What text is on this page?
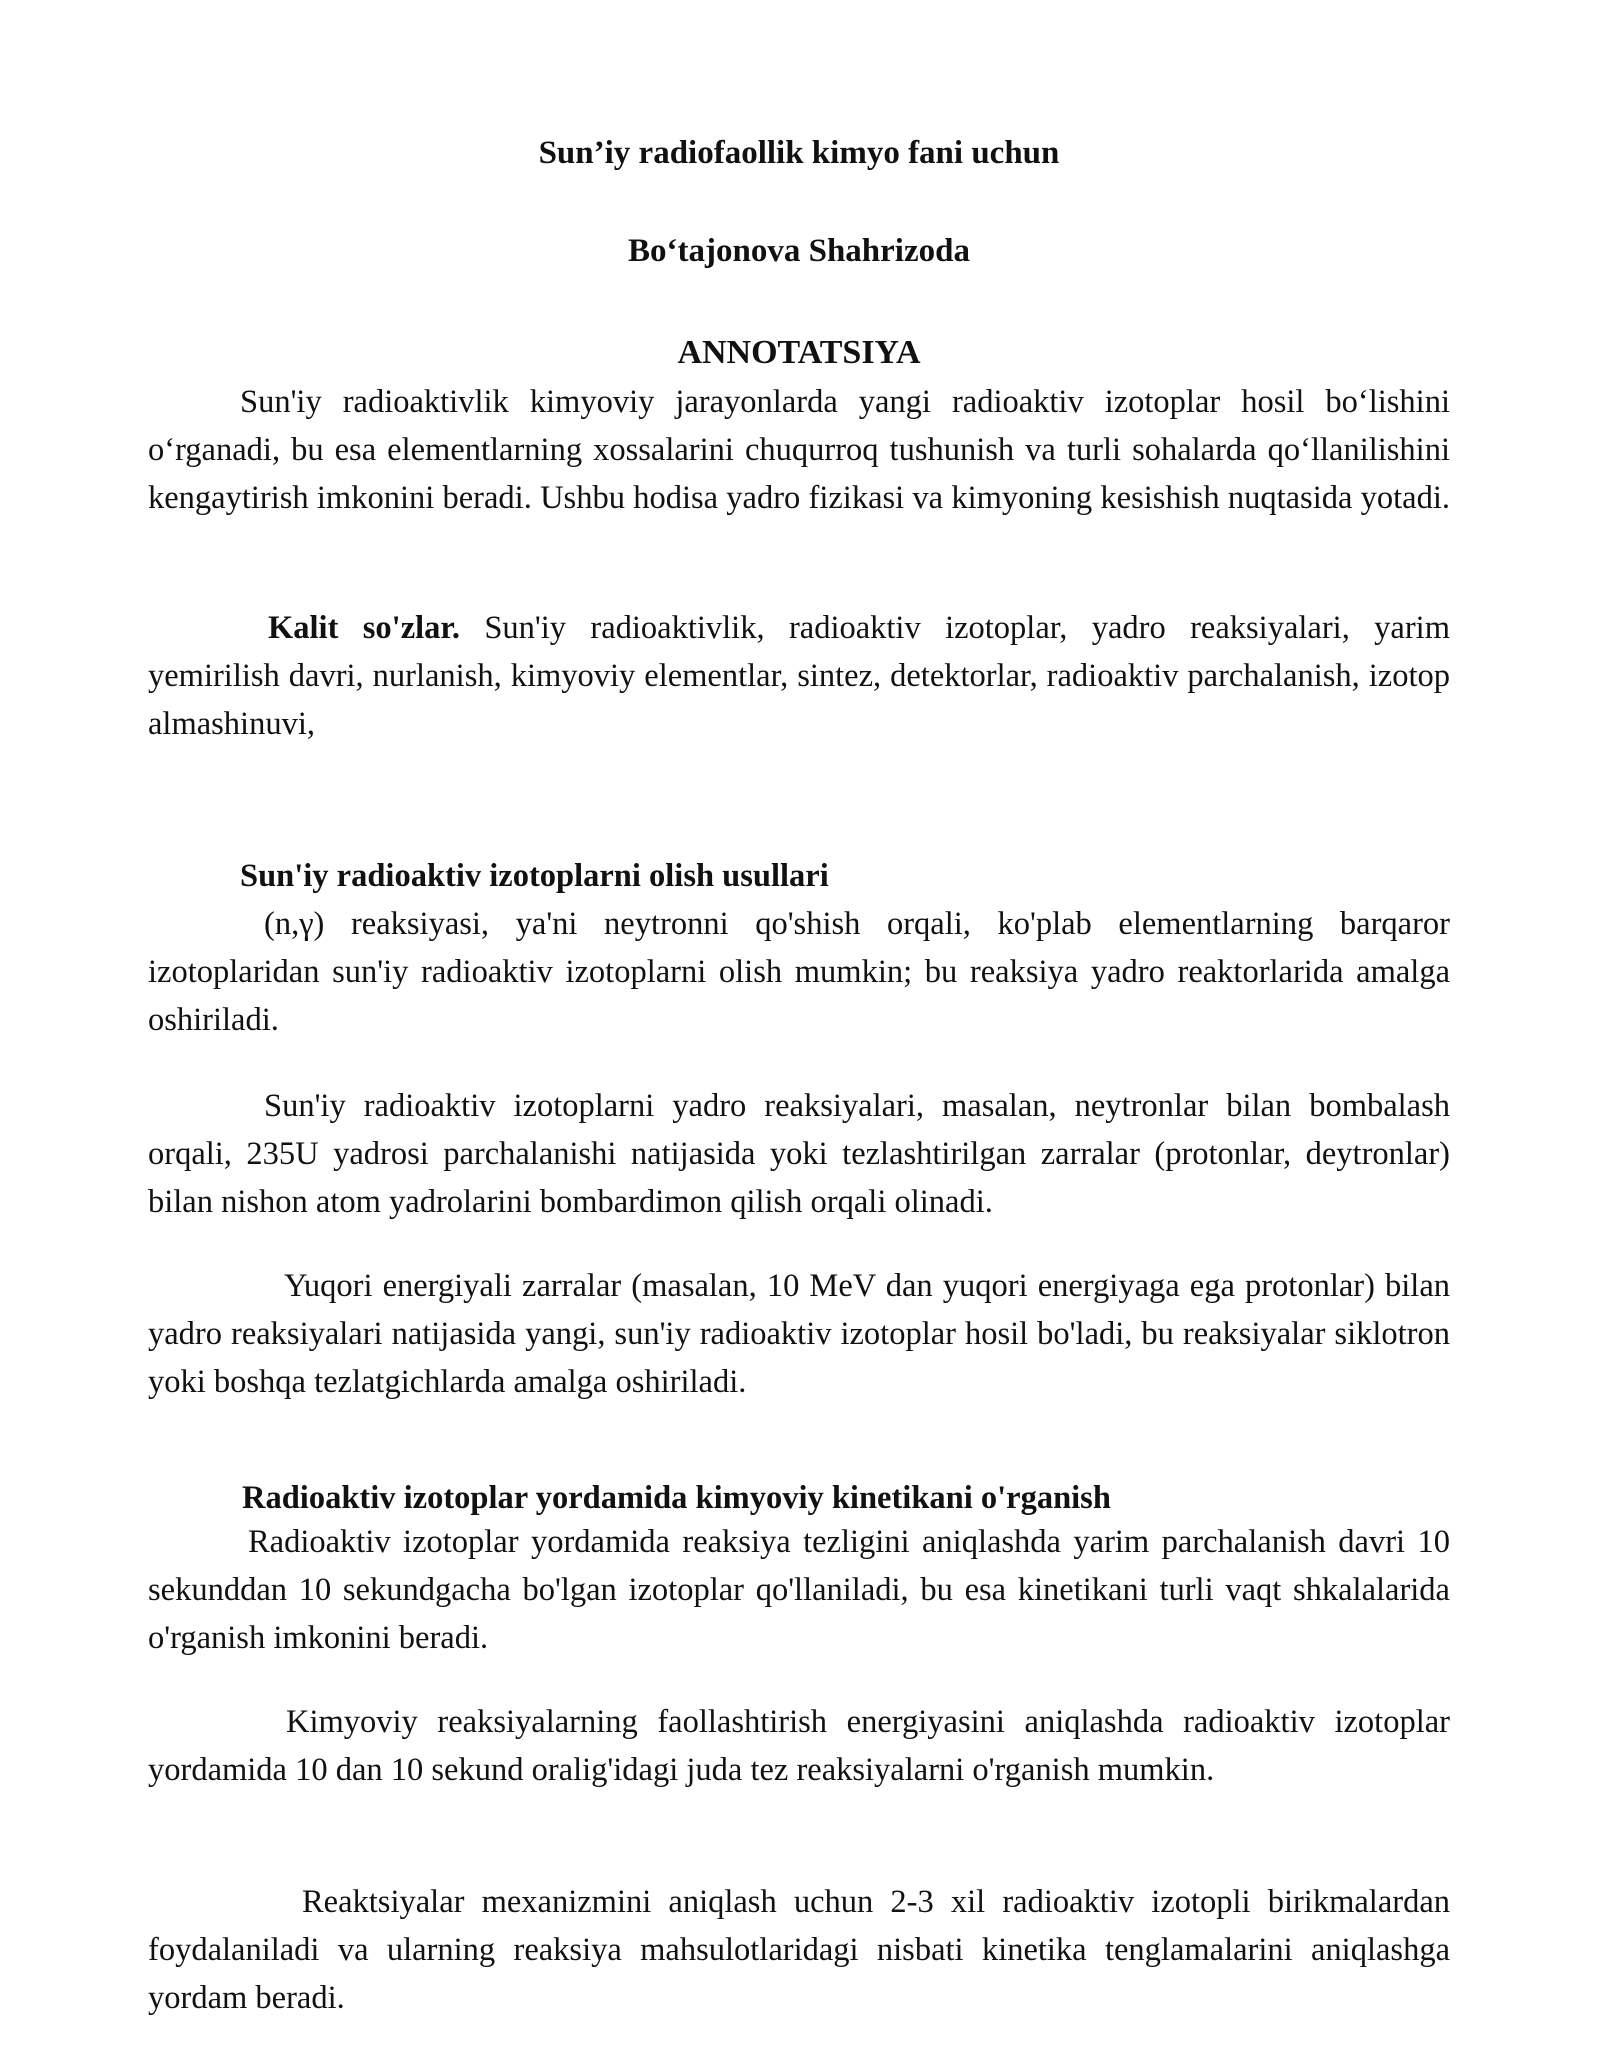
Sun’iy radiofaollik kimyo fani uchun
Bo‘tajonova Shahrizoda
ANNOTATSIYA

Sun'iy radioaktivlik kimyoviy jarayonlarda yangi radioaktiv izotoplar hosil bo‘lishini o‘rganadi, bu esa elementlarning xossalarini chuqurroq tushunish va turli sohalarda qo‘llanilishini kengaytirish imkonini beradi. Ushbu hodisa yadro fizikasi va kimyoning kesishish nuqtasida yotadi.

Kalit so'zlar. Sun'iy radioaktivlik, radioaktiv izotoplar, yadro reaksiyalari, yarim yemirilish davri, nurlanish, kimyoviy elementlar, sintez, detektorlar, radioaktiv parchalanish, izotop almashinuvi,

Sun'iy radioaktiv izotoplarni olish usullari

(n,γ) reaksiyasi, ya'ni neytronni qo'shish orqali, ko'plab elementlarning barqaror izotoplaridan sun'iy radioaktiv izotoplarni olish mumkin; bu reaksiya yadro reaktorlarida amalga oshiriladi.

Sun'iy radioaktiv izotoplarni yadro reaksiyalari, masalan, neytronlar bilan bombalash orqali, 235U yadrosi parchalanishi natijasida yoki tezlashtirilgan zarralar (protonlar, deytronlar) bilan nishon atom yadrolarini bombardimon qilish orqali olinadi.

Yuqori energiyali zarralar (masalan, 10 MeV dan yuqori energiyaga ega protonlar) bilan yadro reaksiyalari natijasida yangi, sun'iy radioaktiv izotoplar hosil bo'ladi, bu reaksiyalar siklotron yoki boshqa tezlatgichlarda amalga oshiriladi.

Radioaktiv izotoplar yordamida kimyoviy kinetikani o'rganish

Radioaktiv izotoplar yordamida reaksiya tezligini aniqlashda yarim parchalanish davri 10 sekunddan 10 sekundgacha bo'lgan izotoplar qo'llaniladi, bu esa kinetikani turli vaqt shkalalarida o'rganish imkonini beradi.

Kimyoviy reaksiyalarning faollashtirish energiyasini aniqlashda radioaktiv izotoplar yordamida 10 dan 10 sekund oralig'idagi juda tez reaksiyalarni o'rganish mumkin.

Reaktsiyalar mexanizmini aniqlash uchun 2-3 xil radioaktiv izotopli birikmalardan foydalaniladi va ularning reaksiya mahsulotlaridagi nisbati kinetika tenglamalarini aniqlashga yordam beradi.
